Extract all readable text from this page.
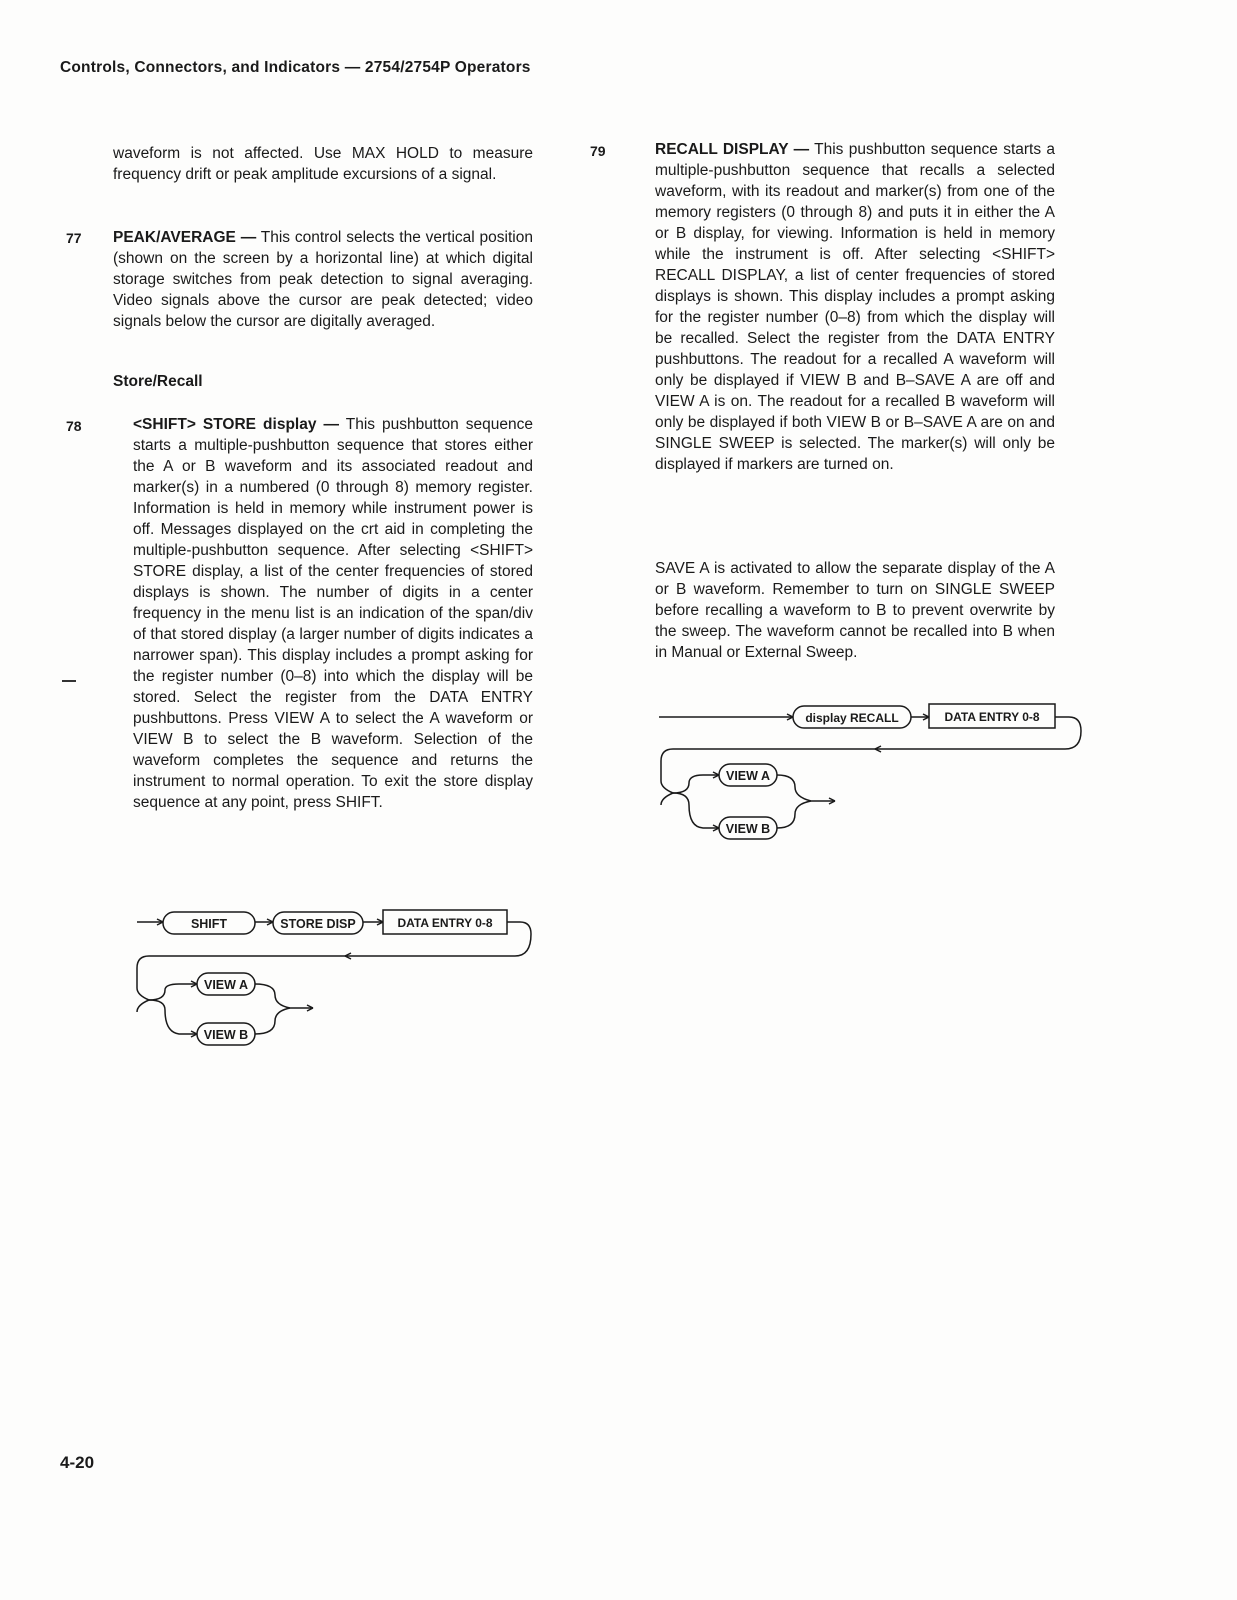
Controls, Connectors, and Indicators — 2754/2754P Operators

waveform is not affected. Use MAX HOLD to measure frequency drift or peak amplitude excursions of a signal.

77 PEAK/AVERAGE — This control selects the vertical position (shown on the screen by a horizontal line) at which digital storage switches from peak detection to signal averaging. Video signals above the cursor are peak detected; video signals below the cursor are digitally averaged.

Store/Recall
78	<SHIFT> STORE display — This pushbutton sequence starts a multiple-pushbutton sequence that stores either the A or B waveform and its associated readout and marker(s) in a numbered (0 through 8) memory register. Information is held in memory while instrument power is off. Messages displayed on the crt aid in completing the multiple-pushbutton sequence. After selecting <SHIFT> STORE display, a list of the center frequencies of stored displays is shown. The number of digits in a center frequency in the menu list is an indication of the span/div of that stored display (a larger number of digits indicates a narrower span). This display includes a prompt asking for the register number (0–8) into which the display will be stored. Select the register from the DATA ENTRY pushbuttons. Press VIEW A to select the A waveform or VIEW B to select the B waveform. Selection of the waveform completes the sequence and returns the instrument to normal operation. To exit the store display sequence at any point, press SHIFT.

SHIFT	STORE DISP	DATA ENTRY 0-8
VIEW A
VIEW B
79	RECALL DISPLAY — This pushbutton sequence starts a multiple-pushbutton sequence that recalls a selected waveform, with its readout and marker(s) from one of the memory registers (0 through 8) and puts it in either the A or B display, for viewing. Information is held in memory while the instrument is off. After selecting <SHIFT> RECALL DISPLAY, a list of center frequencies of stored displays is shown. This display includes a prompt asking for the register number (0–8) from which the display will be recalled. Select the register from the DATA ENTRY pushbuttons. The readout for a recalled A waveform will only be displayed if VIEW B and B–SAVE A are off and VIEW A is on. The readout for a recalled B waveform will only be displayed if both VIEW B or B–SAVE A are on and SINGLE SWEEP is selected. The marker(s) will only be displayed if markers are turned on.

SAVE A is activated to allow the separate display of the A or B waveform. Remember to turn on SINGLE SWEEP before recalling a waveform to B to prevent overwrite by the sweep. The waveform cannot be recalled into B when in Manual or External Sweep.

display RECALL	DATA ENTRY 0-8
VIEW A
VIEW B
4-20
